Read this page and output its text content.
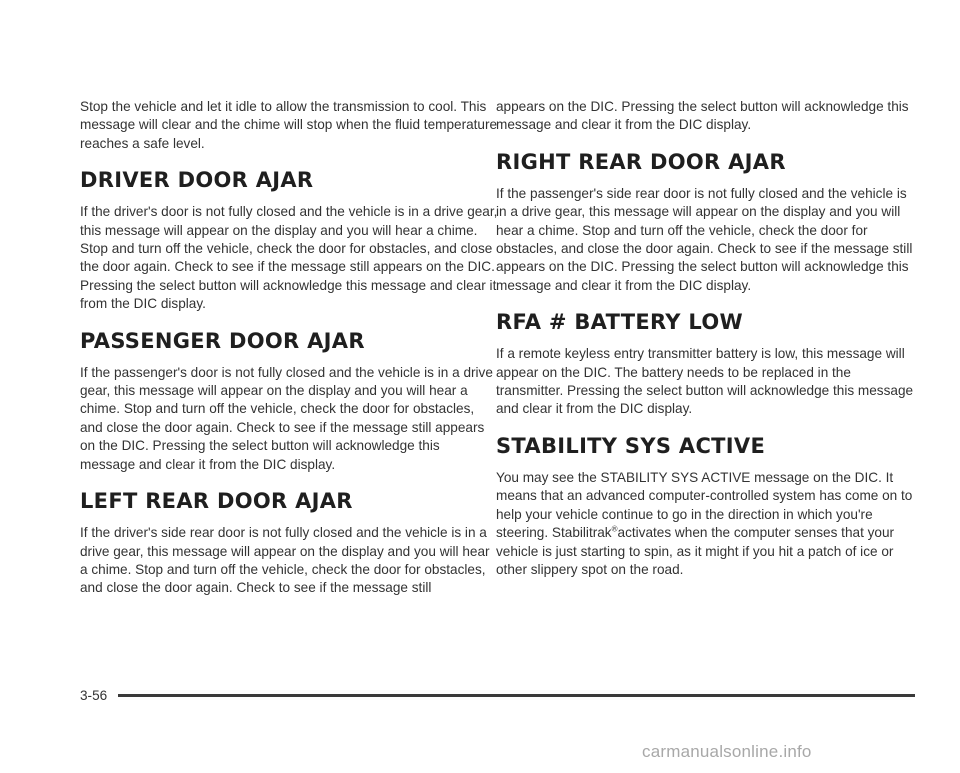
Stop the vehicle and let it idle to allow the transmission to cool. This message will clear and the chime will stop when the fluid temperature reaches a safe level.

DRIVER DOOR AJAR

If the driver's door is not fully closed and the vehicle is in a drive gear, this message will appear on the display and you will hear a chime. Stop and turn off the vehicle, check the door for obstacles, and close the door again. Check to see if the message still appears on the DIC. Pressing the select button will acknowledge this message and clear it from the DIC display.

PASSENGER DOOR AJAR

If the passenger's door is not fully closed and the vehicle is in a drive gear, this message will appear on the display and you will hear a chime. Stop and turn off the vehicle, check the door for obstacles, and close the door again. Check to see if the message still appears on the DIC. Pressing the select button will acknowledge this message and clear it from the DIC display.

LEFT REAR DOOR AJAR

If the driver's side rear door is not fully closed and the vehicle is in a drive gear, this message will appear on the display and you will hear a chime. Stop and turn off the vehicle, check the door for obstacles, and close the door again. Check to see if the message still

appears on the DIC. Pressing the select button will acknowledge this message and clear it from the DIC display.

RIGHT REAR DOOR AJAR

If the passenger's side rear door is not fully closed and the vehicle is in a drive gear, this message will appear on the display and you will hear a chime. Stop and turn off the vehicle, check the door for obstacles, and close the door again. Check to see if the message still appears on the DIC. Pressing the select button will acknowledge this message and clear it from the DIC display.

RFA # BATTERY LOW

If a remote keyless entry transmitter battery is low, this message will appear on the DIC. The battery needs to be replaced in the transmitter. Pressing the select button will acknowledge this message and clear it from the DIC display.

STABILITY SYS ACTIVE

You may see the STABILITY SYS ACTIVE message on the DIC. It means that an advanced computer-controlled system has come on to help your vehicle continue to go in the direction in which you're steering. Stabilitrak®activates when the computer senses that your vehicle is just starting to spin, as it might if you hit a patch of ice or other slippery spot on the road.

3-56
carmanualsonline.info
